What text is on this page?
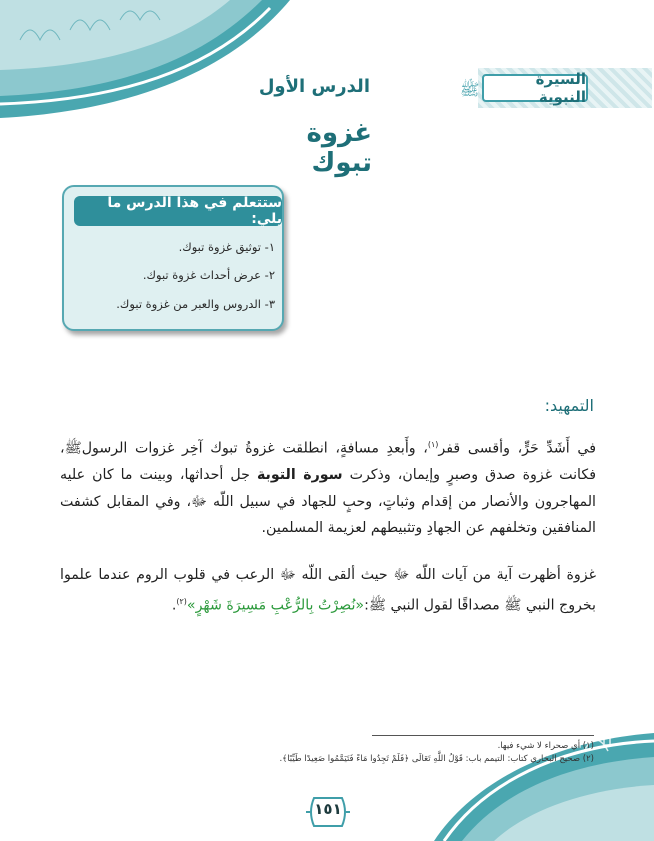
السيرة النبوية
ﷺ
الدرس الأول
غزوة تبوك
ستتعلم في هذا الدرس ما يلي:
١- توثيق غزوة تبوك.
٢- عرض أحداث غزوة تبوك.
٣- الدروس والعبر من غزوة تبوك.
التمهيد:

في أَشَدِّ حَرٍّ، وأقسى قفر$^{(١)}$، وأَبعدِ مسافةٍ، انطلقت غزوةُ تبوك آخِر غزوات الرسولﷺ، فكانت غزوة صدق وصبرٍ وإيمان، وذكرت سورة التوبة جل أحداثها، وبينت ما كان عليه المهاجرون والأنصار من إقدام وثباتٍ، وحبٍ للجهاد في سبيل اللّه ﷻ، وفي المقابل كشفت المنافقين وتخلفهم عن الجهادِ وتثبيطهم لعزيمة المسلمين.

غزوة أظهرت آية من آيات اللّه ﷻ حيث ألقى اللّه ﷻ الرعب في قلوب الروم عندما علموا بخروج النبي ﷺ مصداقًا لقول النبي ﷺ:«نُصِرْتُ بِالرُّعْبِ مَسِيرَةَ شَهْرٍ»$^{(٢)}$.

(١) أي صحراء لا شيء فيها.
(٢) صحيح البخاري كتاب: التيمم باب: قَوْلُ اللَّهِ تَعَالَى ﴿فَلَمْ تَجِدُوا مَاءً فَتَيَمَّمُوا صَعِيدًا طَيِّبًا﴾.
١٥١
